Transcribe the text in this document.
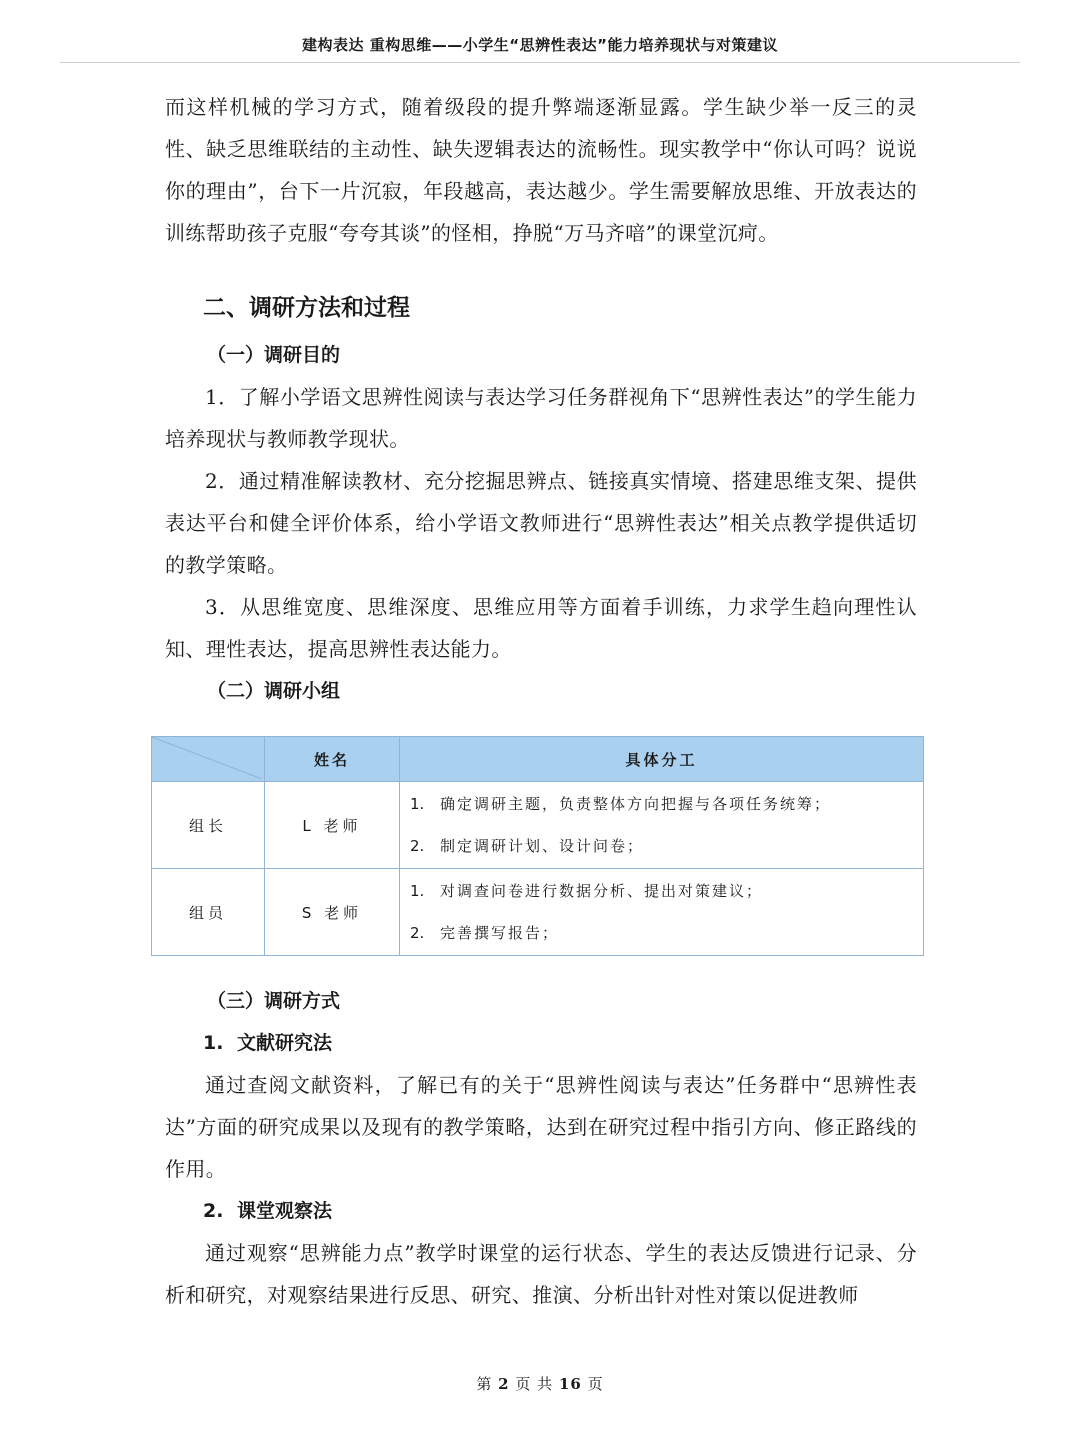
建构表达 重构思维——小学生“思辨性表达”能力培养现状与对策建议

而这样机械的学习方式，随着级段的提升弊端逐渐显露。学生缺少举一反三的灵性、缺乏思维联结的主动性、缺失逻辑表达的流畅性。现实教学中“你认可吗？说说你的理由”，台下一片沉寂，年段越高，表达越少。学生需要解放思维、开放表达的训练帮助孩子克服“夸夸其谈”的怪相，挣脱“万马齐喑”的课堂沉疴。

二、调研方法和过程
（一）调研目的

1．了解小学语文思辨性阅读与表达学习任务群视角下“思辨性表达”的学生能力培养现状与教师教学现状。

2．通过精准解读教材、充分挖掘思辨点、链接真实情境、搭建思维支架、提供表达平台和健全评价体系，给小学语文教师进行“思辨性表达”相关点教学提供适切的教学策略。

3．从思维宽度、思维深度、思维应用等方面着手训练，力求学生趋向理性认知、理性表达，提高思辨性表达能力。

（二）调研小组
	姓名	具体分工
组长	L 老师	1. 确定调研主题，负责整体方向把握与各项任务统筹；
2. 制定调研计划、设计问卷；

组员	S 老师	1. 对调查问卷进行数据分析、提出对策建议；
2. 完善撰写报告；
（三）调研方式
1. 文献研究法

通过查阅文献资料，了解已有的关于“思辨性阅读与表达”任务群中“思辨性表达”方面的研究成果以及现有的教学策略，达到在研究过程中指引方向、修正路线的作用。

2. 课堂观察法

通过观察“思辨能力点”教学时课堂的运行状态、学生的表达反馈进行记录、分析和研究，对观察结果进行反思、研究、推演、分析出针对性对策以促进教师

第 2 页 共 16 页
